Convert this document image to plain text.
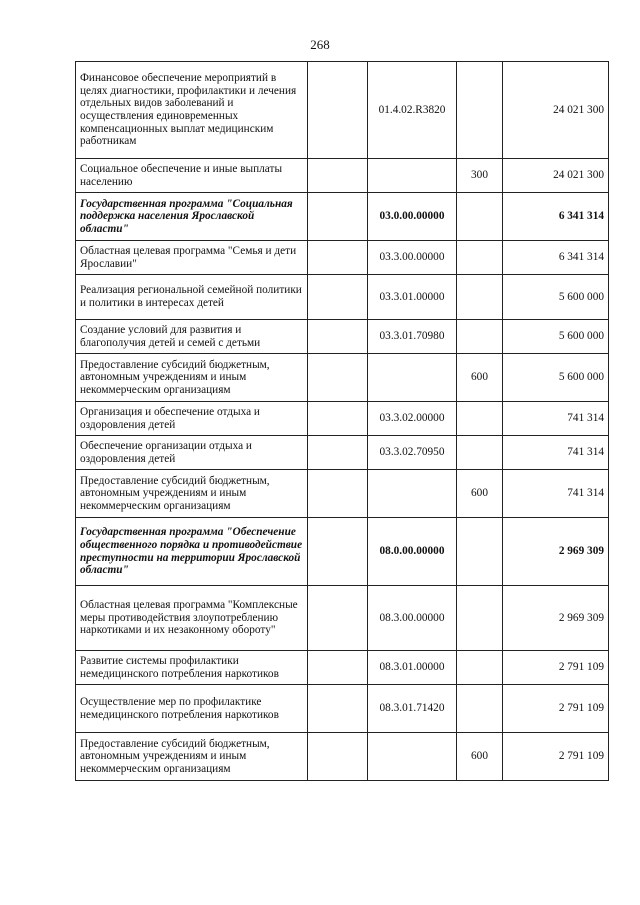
268
Финансовое обеспечение мероприятий в целях диагностики, профилактики и лечения отдельных видов заболеваний и осуществления единовременных компенсационных выплат медицинским работникам		01.4.02.R3820		24 021 300
Социальное обеспечение и иные выплаты населению			300	24 021 300
Государственная программа "Социальная поддержка населения Ярославской области"		03.0.00.00000		6 341 314
Областная целевая программа "Семья и дети Ярославии"		03.3.00.00000		6 341 314
Реализация региональной семейной политики и политики в интересах детей		03.3.01.00000		5 600 000
Создание условий для развития и благополучия детей и семей с детьми		03.3.01.70980		5 600 000
Предоставление субсидий бюджетным, автономным учреждениям и иным некоммерческим организациям			600	5 600 000
Организация и обеспечение отдыха и оздоровления детей		03.3.02.00000		741 314
Обеспечение организации отдыха и оздоровления детей		03.3.02.70950		741 314
Предоставление субсидий бюджетным, автономным учреждениям и иным некоммерческим организациям			600	741 314
Государственная программа "Обеспечение общественного порядка и противодействие преступности на территории Ярославской области"		08.0.00.00000		2 969 309
Областная целевая программа "Комплексные меры противодействия злоупотреблению наркотиками и их незаконному обороту"		08.3.00.00000		2 969 309
Развитие системы профилактики немедицинского потребления наркотиков		08.3.01.00000		2 791 109
Осуществление мер по профилактике немедицинского потребления наркотиков		08.3.01.71420		2 791 109
Предоставление субсидий бюджетным, автономным учреждениям и иным некоммерческим организациям			600	2 791 109
